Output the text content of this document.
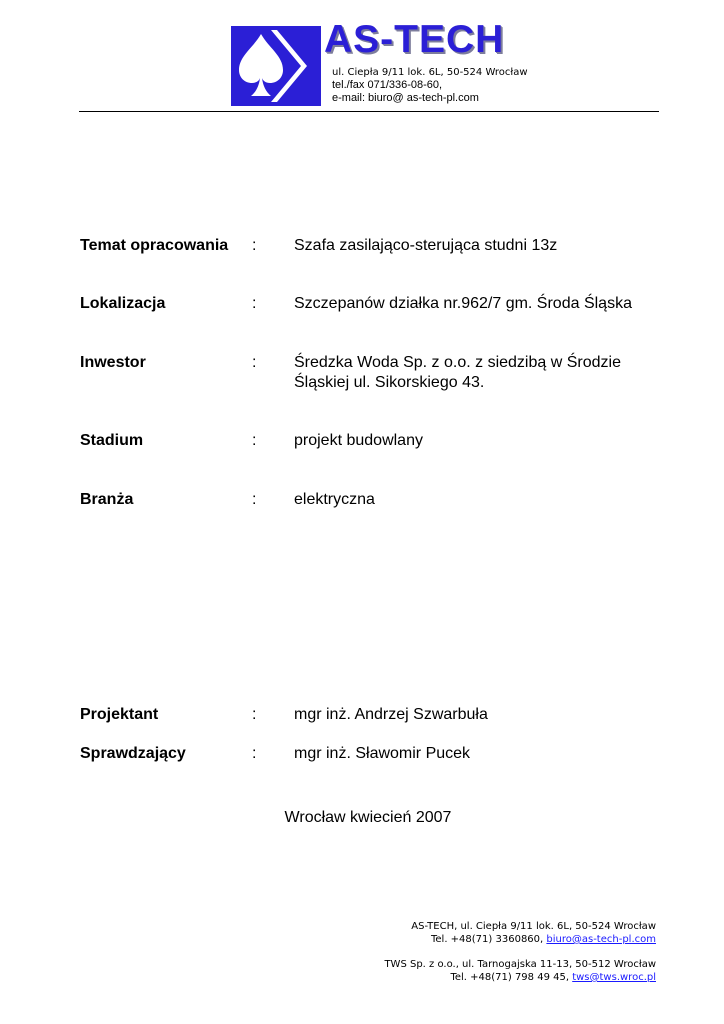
AS-TECH
ul. Ciepła 9/11 lok. 6L, 50-524 Wrocław
tel./fax 071/336-08-60,
e-mail: biuro@ as-tech-pl.com
Temat opracowania : Szafa zasilająco-sterująca studni 13z
Lokalizacja	: Szczepanów działka nr.962/7 gm. Środa Śląska
Inwestor	: Średzka Woda Sp. z o.o. z siedzibą w Środzie Śląskiej ul. Sikorskiego 43.
Stadium	: projekt budowlany
Branża	: elektryczna
Projektant	: mgr inż. Andrzej Szwarbuła
Sprawdzający	: mgr inż. Sławomir Pucek
Wrocław kwiecień 2007
AS-TECH, ul. Ciepła 9/11 lok. 6L, 50-524 Wrocław
Tel. +48(71) 3360860, biuro@as-tech-pl.com
TWS Sp. z o.o., ul. Tarnogajska 11-13, 50-512 Wrocław
Tel. +48(71) 798 49 45, tws@tws.wroc.pl
